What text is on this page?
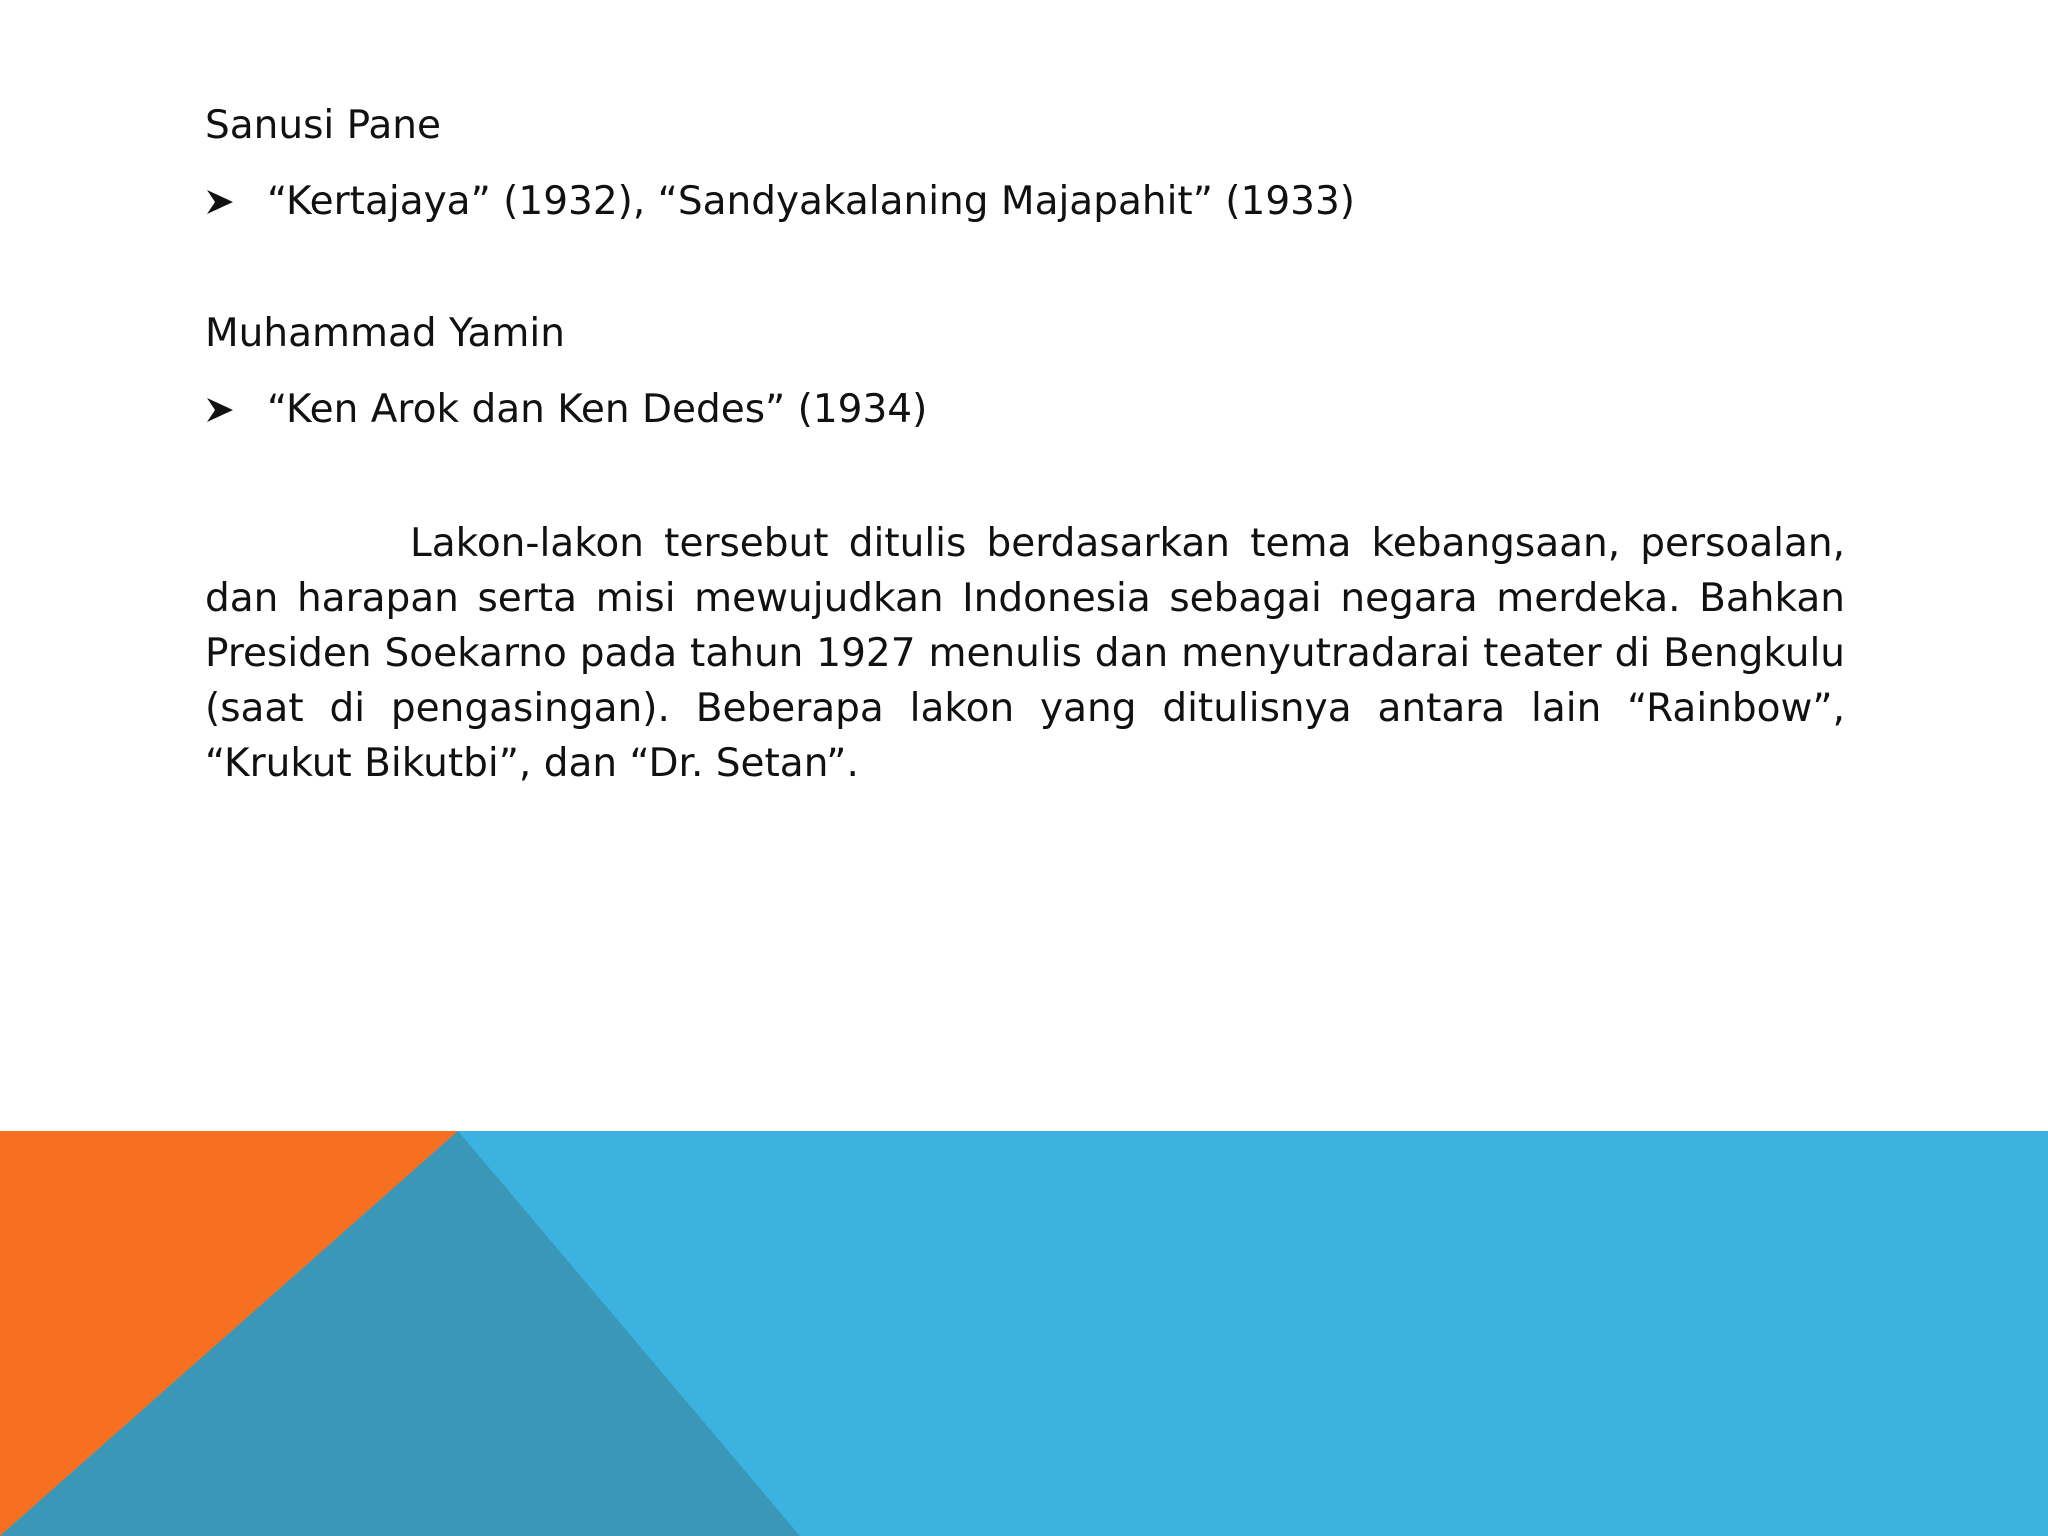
Sanusi Pane

“Kertajaya” (1932), “Sandyakalaning Majapahit” (1933)

Muhammad Yamin

“Ken Arok dan Ken Dedes” (1934)

Lakon-lakon tersebut ditulis berdasarkan tema kebangsaan, persoalan, dan harapan serta misi mewujudkan Indonesia sebagai negara merdeka. Bahkan Presiden Soekarno pada tahun 1927 menulis dan menyutradarai teater di Bengkulu (saat di pengasingan). Beberapa lakon yang ditulisnya antara lain “Rainbow”, “Krukut Bikutbi”, dan “Dr. Setan”.
